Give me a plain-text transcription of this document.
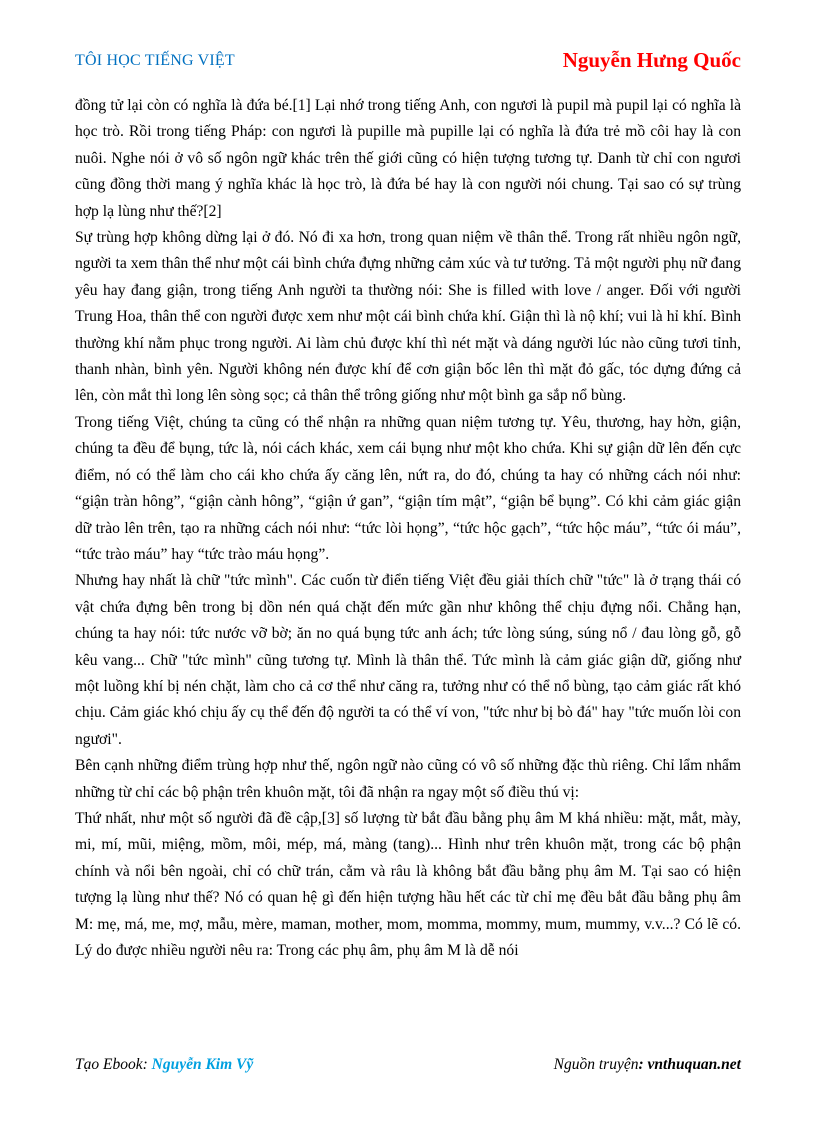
TÔI HỌC TIẾNG VIỆT	Nguyễn Hưng Quốc

đồng tử lại còn có nghĩa là đứa bé.[1] Lại nhớ trong tiếng Anh, con ngươi là pupil mà pupil lại có nghĩa là học trò. Rồi trong tiếng Pháp: con ngươi là pupille mà pupille lại có nghĩa là đứa trẻ mồ côi hay là con nuôi. Nghe nói ở vô số ngôn ngữ khác trên thế giới cũng có hiện tượng tương tự. Danh từ chỉ con ngươi cũng đồng thời mang ý nghĩa khác là học trò, là đứa bé hay là con người nói chung. Tại sao có sự trùng hợp lạ lùng như thế?[2]

Sự trùng hợp không dừng lại ở đó. Nó đi xa hơn, trong quan niệm về thân thể. Trong rất nhiều ngôn ngữ, người ta xem thân thể như một cái bình chứa đựng những cảm xúc và tư tưởng. Tả một người phụ nữ đang yêu hay đang giận, trong tiếng Anh người ta thường nói: She is filled with love / anger. Đối với người Trung Hoa, thân thể con người được xem như một cái bình chứa khí. Giận thì là nộ khí; vui là hỉ khí. Bình thường khí nằm phục trong người. Ai làm chủ được khí thì nét mặt và dáng người lúc nào cũng tươi tỉnh, thanh nhàn, bình yên. Người không nén được khí để cơn giận bốc lên thì mặt đỏ gấc, tóc dựng đứng cả lên, còn mắt thì long lên sòng sọc; cả thân thể trông giống như một bình ga sắp nổ bùng.

Trong tiếng Việt, chúng ta cũng có thể nhận ra những quan niệm tương tự. Yêu, thương, hay hờn, giận, chúng ta đều để bụng, tức là, nói cách khác, xem cái bụng như một kho chứa. Khi sự giận dữ lên đến cực điểm, nó có thể làm cho cái kho chứa ấy căng lên, nứt ra, do đó, chúng ta hay có những cách nói như: “giận tràn hông”, “giận cành hông”, “giận ứ gan”, “giận tím mật”, “giận bể bụng”. Có khi cảm giác giận dữ trào lên trên, tạo ra những cách nói như: “tức lòi họng”, “tức hộc gạch”, “tức hộc máu”, “tức ói máu”, “tức trào máu” hay “tức trào máu họng”.

Nhưng hay nhất là chữ "tức mình". Các cuốn từ điển tiếng Việt đều giải thích chữ "tức" là ở trạng thái có vật chứa đựng bên trong bị dồn nén quá chặt đến mức gần như không thể chịu đựng nổi. Chẳng hạn, chúng ta hay nói: tức nước vỡ bờ; ăn no quá bụng tức anh ách; tức lòng súng, súng nổ / đau lòng gỗ, gỗ kêu vang... Chữ "tức mình" cũng tương tự. Mình là thân thể. Tức mình là cảm giác giận dữ, giống như một luồng khí bị nén chặt, làm cho cả cơ thể như căng ra, tưởng như có thể nổ bùng, tạo cảm giác rất khó chịu. Cảm giác khó chịu ấy cụ thể đến độ người ta có thể ví von, "tức như bị bò đá" hay "tức muốn lòi con ngươi".

Bên cạnh những điểm trùng hợp như thế, ngôn ngữ nào cũng có vô số những đặc thù riêng. Chỉ lẩm nhẩm những từ chỉ các bộ phận trên khuôn mặt, tôi đã nhận ra ngay một số điều thú vị:

Thứ nhất, như một số người đã đề cập,[3] số lượng từ bắt đầu bằng phụ âm M khá nhiều: mặt, mắt, mày, mi, mí, mũi, miệng, mồm, môi, mép, má, màng (tang)... Hình như trên khuôn mặt, trong các bộ phận chính và nổi bên ngoài, chỉ có chữ trán, cằm và râu là không bắt đầu bằng phụ âm M. Tại sao có hiện tượng lạ lùng như thế? Nó có quan hệ gì đến hiện tượng hầu hết các từ chỉ mẹ đều bắt đầu bằng phụ âm M: mẹ, má, me, mợ, mẫu, mère, maman, mother, mom, momma, mommy, mum, mummy, v.v...? Có lẽ có. Lý do được nhiều người nêu ra: Trong các phụ âm, phụ âm M là dễ nói

Tạo Ebook: Nguyễn Kim Vỹ	Nguồn truyện: vnthuquan.net
